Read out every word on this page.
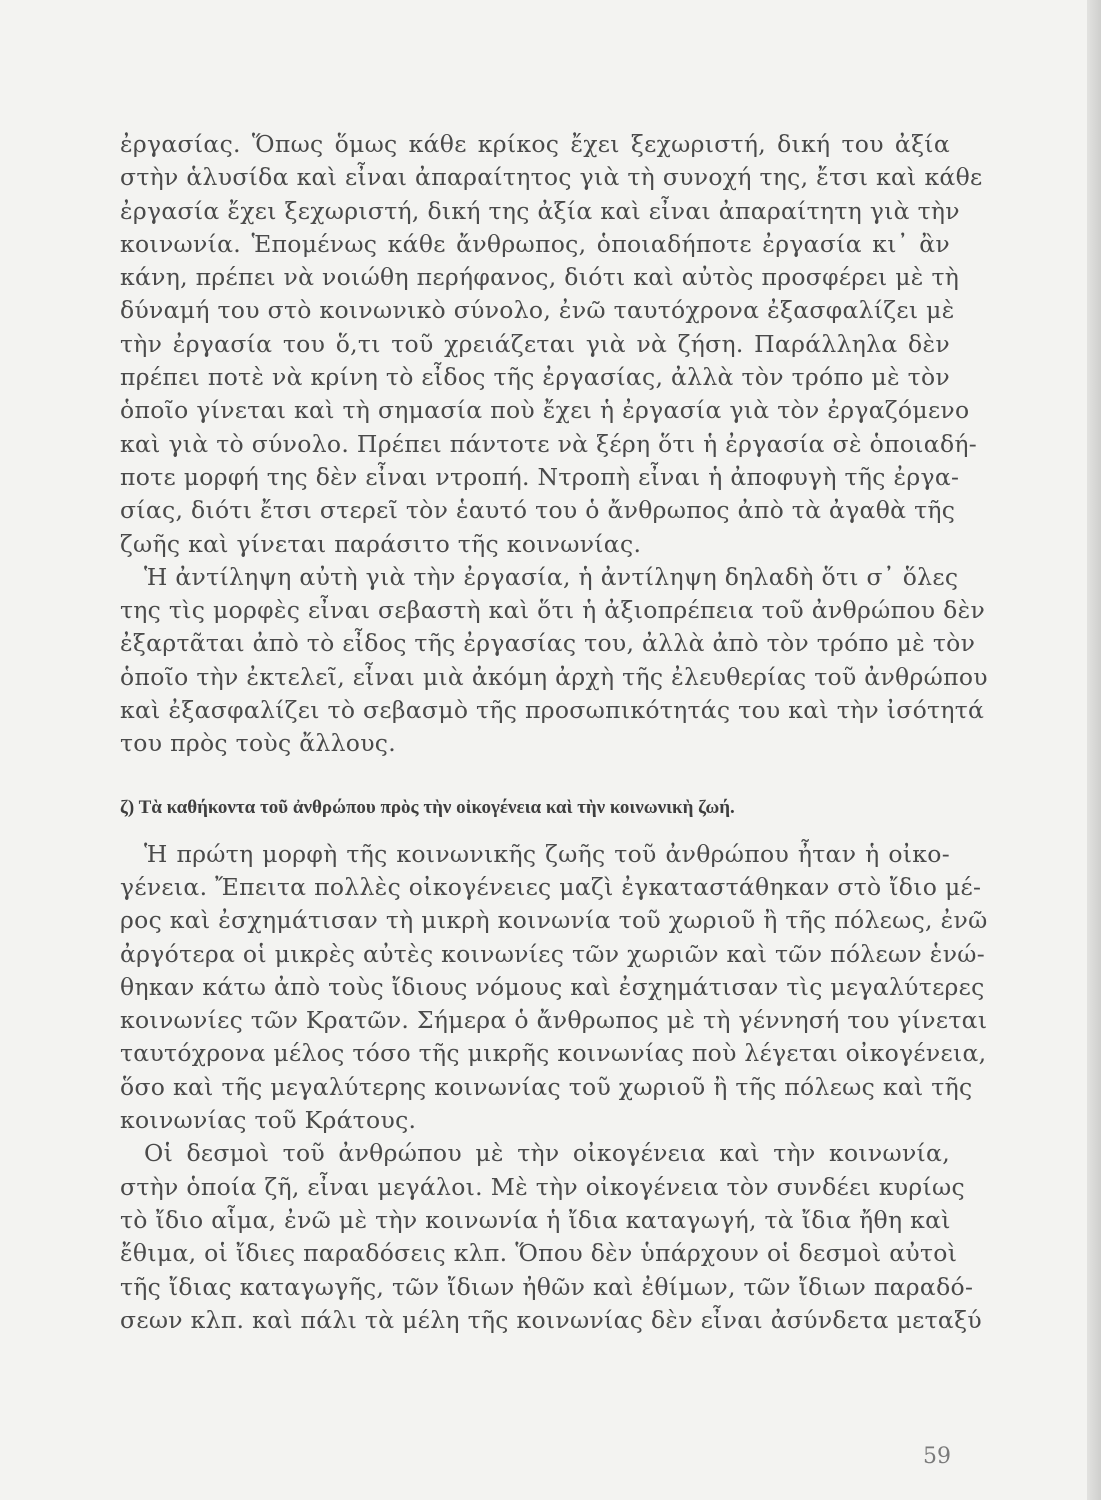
ἐργασίας. Ὅπως ὅμως κάθε κρίκος ἔχει ξεχωριστή, δική του ἀξία
στὴν ἁλυσίδα καὶ εἶναι ἀπαραίτητος γιὰ τὴ συνοχή της, ἔτσι καὶ κάθε
ἐργασία ἔχει ξεχωριστή, δική της ἀξία καὶ εἶναι ἀπαραίτητη γιὰ τὴν
κοινωνία. Ἑπομένως κάθε ἄνθρωπος, ὁποιαδήποτε ἐργασία κι᾿ ἂν
κάνη, πρέπει νὰ νοιώθη περήφανος, διότι καὶ αὐτὸς προσφέρει μὲ τὴ
δύναμή του στὸ κοινωνικὸ σύνολο, ἐνῶ ταυτόχρονα ἐξασφαλίζει μὲ
τὴν ἐργασία του ὅ,τι τοῦ χρειάζεται γιὰ νὰ ζήση. Παράλληλα δὲν
πρέπει ποτὲ νὰ κρίνη τὸ εἶδος τῆς ἐργασίας, ἀλλὰ τὸν τρόπο μὲ τὸν
ὁποῖο γίνεται καὶ τὴ σημασία ποὺ ἔχει ἡ ἐργασία γιὰ τὸν ἐργαζόμενο
καὶ γιὰ τὸ σύνολο. Πρέπει πάντοτε νὰ ξέρη ὅτι ἡ ἐργασία σὲ ὁποιαδή-
ποτε μορφή της δὲν εἶναι ντροπή. Ντροπὴ εἶναι ἡ ἀποφυγὴ τῆς ἐργα-
σίας, διότι ἔτσι στερεῖ τὸν ἑαυτό του ὁ ἄνθρωπος ἀπὸ τὰ ἀγαθὰ τῆς
ζωῆς καὶ γίνεται παράσιτο τῆς κοινωνίας.
Ἡ ἀντίληψη αὐτὴ γιὰ τὴν ἐργασία, ἡ ἀντίληψη δηλαδὴ ὅτι σ᾿ ὅλες
της τὶς μορφὲς εἶναι σεβαστὴ καὶ ὅτι ἡ ἀξιοπρέπεια τοῦ ἀνθρώπου δὲν
ἐξαρτᾶται ἀπὸ τὸ εἶδος τῆς ἐργασίας του, ἀλλὰ ἀπὸ τὸν τρόπο μὲ τὸν
ὁποῖο τὴν ἐκτελεῖ, εἶναι μιὰ ἀκόμη ἀρχὴ τῆς ἐλευθερίας τοῦ ἀνθρώπου
καὶ ἐξασφαλίζει τὸ σεβασμὸ τῆς προσωπικότητάς του καὶ τὴν ἰσότητά
του πρὸς τοὺς ἄλλους.
ζ) Τὰ καθήκοντα τοῦ ἀνθρώπου πρὸς τὴν οἰκογένεια καὶ τὴν κοινωνικὴ ζωή.
Ἡ πρώτη μορφὴ τῆς κοινωνικῆς ζωῆς τοῦ ἀνθρώπου ἦταν ἡ οἰκο-
γένεια. Ἔπειτα πολλὲς οἰκογένειες μαζὶ ἐγκαταστάθηκαν στὸ ἴδιο μέ-
ρος καὶ ἐσχημάτισαν τὴ μικρὴ κοινωνία τοῦ χωριοῦ ἢ τῆς πόλεως, ἐνῶ
ἀργότερα οἱ μικρὲς αὐτὲς κοινωνίες τῶν χωριῶν καὶ τῶν πόλεων ἑνώ-
θηκαν κάτω ἀπὸ τοὺς ἴδιους νόμους καὶ ἐσχημάτισαν τὶς μεγαλύτερες
κοινωνίες τῶν Κρατῶν. Σήμερα ὁ ἄνθρωπος μὲ τὴ γέννησή του γίνεται
ταυτόχρονα μέλος τόσο τῆς μικρῆς κοινωνίας ποὺ λέγεται οἰκογένεια,
ὅσο καὶ τῆς μεγαλύτερης κοινωνίας τοῦ χωριοῦ ἢ τῆς πόλεως καὶ τῆς
κοινωνίας τοῦ Κράτους.
Οἱ δεσμοὶ τοῦ ἀνθρώπου μὲ τὴν οἰκογένεια καὶ τὴν κοινωνία,
στὴν ὁποία ζῆ, εἶναι μεγάλοι. Μὲ τὴν οἰκογένεια τὸν συνδέει κυρίως
τὸ ἴδιο αἷμα, ἐνῶ μὲ τὴν κοινωνία ἡ ἴδια καταγωγή, τὰ ἴδια ἤθη καὶ
ἔθιμα, οἱ ἴδιες παραδόσεις κλπ. Ὅπου δὲν ὑπάρχουν οἱ δεσμοὶ αὐτοὶ
τῆς ἴδιας καταγωγῆς, τῶν ἴδιων ἠθῶν καὶ ἐθίμων, τῶν ἴδιων παραδό-
σεων κλπ. καὶ πάλι τὰ μέλη τῆς κοινωνίας δὲν εἶναι ἀσύνδετα μεταξύ
59
